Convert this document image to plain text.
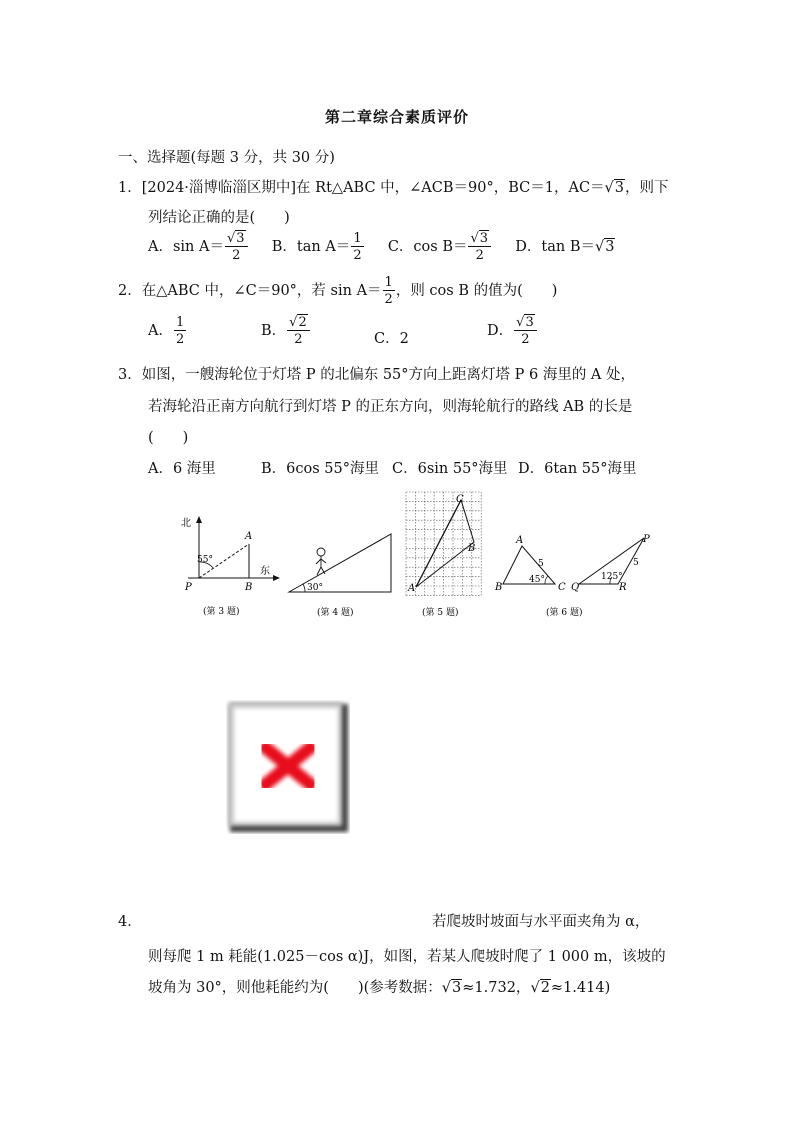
第二章综合素质评价
一、选择题(每题 3 分，共 30 分)
1．[2024·淄博临淄区期中]在 Rt△ABC 中，∠ACB＝90°，BC＝1，AC＝√3，则下
列结论正确的是(　　)
A．$\sin A= \frac{√3}{2}$ B．$\tan A= \frac{1}{2}$ C．$\cos B= \frac{√3}{2}$ D．tan B＝√3
2．在△ABC 中，∠C＝90°，若 $\sin A= \frac{1}{2}$ ，则 cos B 的值为(　　)
A． $\frac{1}{2}$	B． $\frac{√2}{2}$	C．2	D． $\frac{√3}{2}$
3．如图，一艘海轮位于灯塔 P 的北偏东 55°方向上距离灯塔 P 6 海里的 A 处，
若海轮沿正南方向航行到灯塔 P 的正东方向，则海轮航行的路线 AB 的长是
(　　)
A．6 海里	B．6cos 55°海里 C．6sin 55°海里 D．6tan 55°海里
北
东
55°
P
A
B
(第 3 题)
30°
(第 4 题)
C
B
A
(第 5 题)
A
B	C
5
45°
P
Q	R
5
125°
(第 6 题)
4．	若爬坡时坡面与水平面夹角为 α，
则每爬 1 m 耗能(1.025－cos α)J，如图，若某人爬坡时爬了 1 000 m，该坡的
坡角为 30°，则他耗能约为(　　)(参考数据：√3≈1.732，√2≈1.414)
